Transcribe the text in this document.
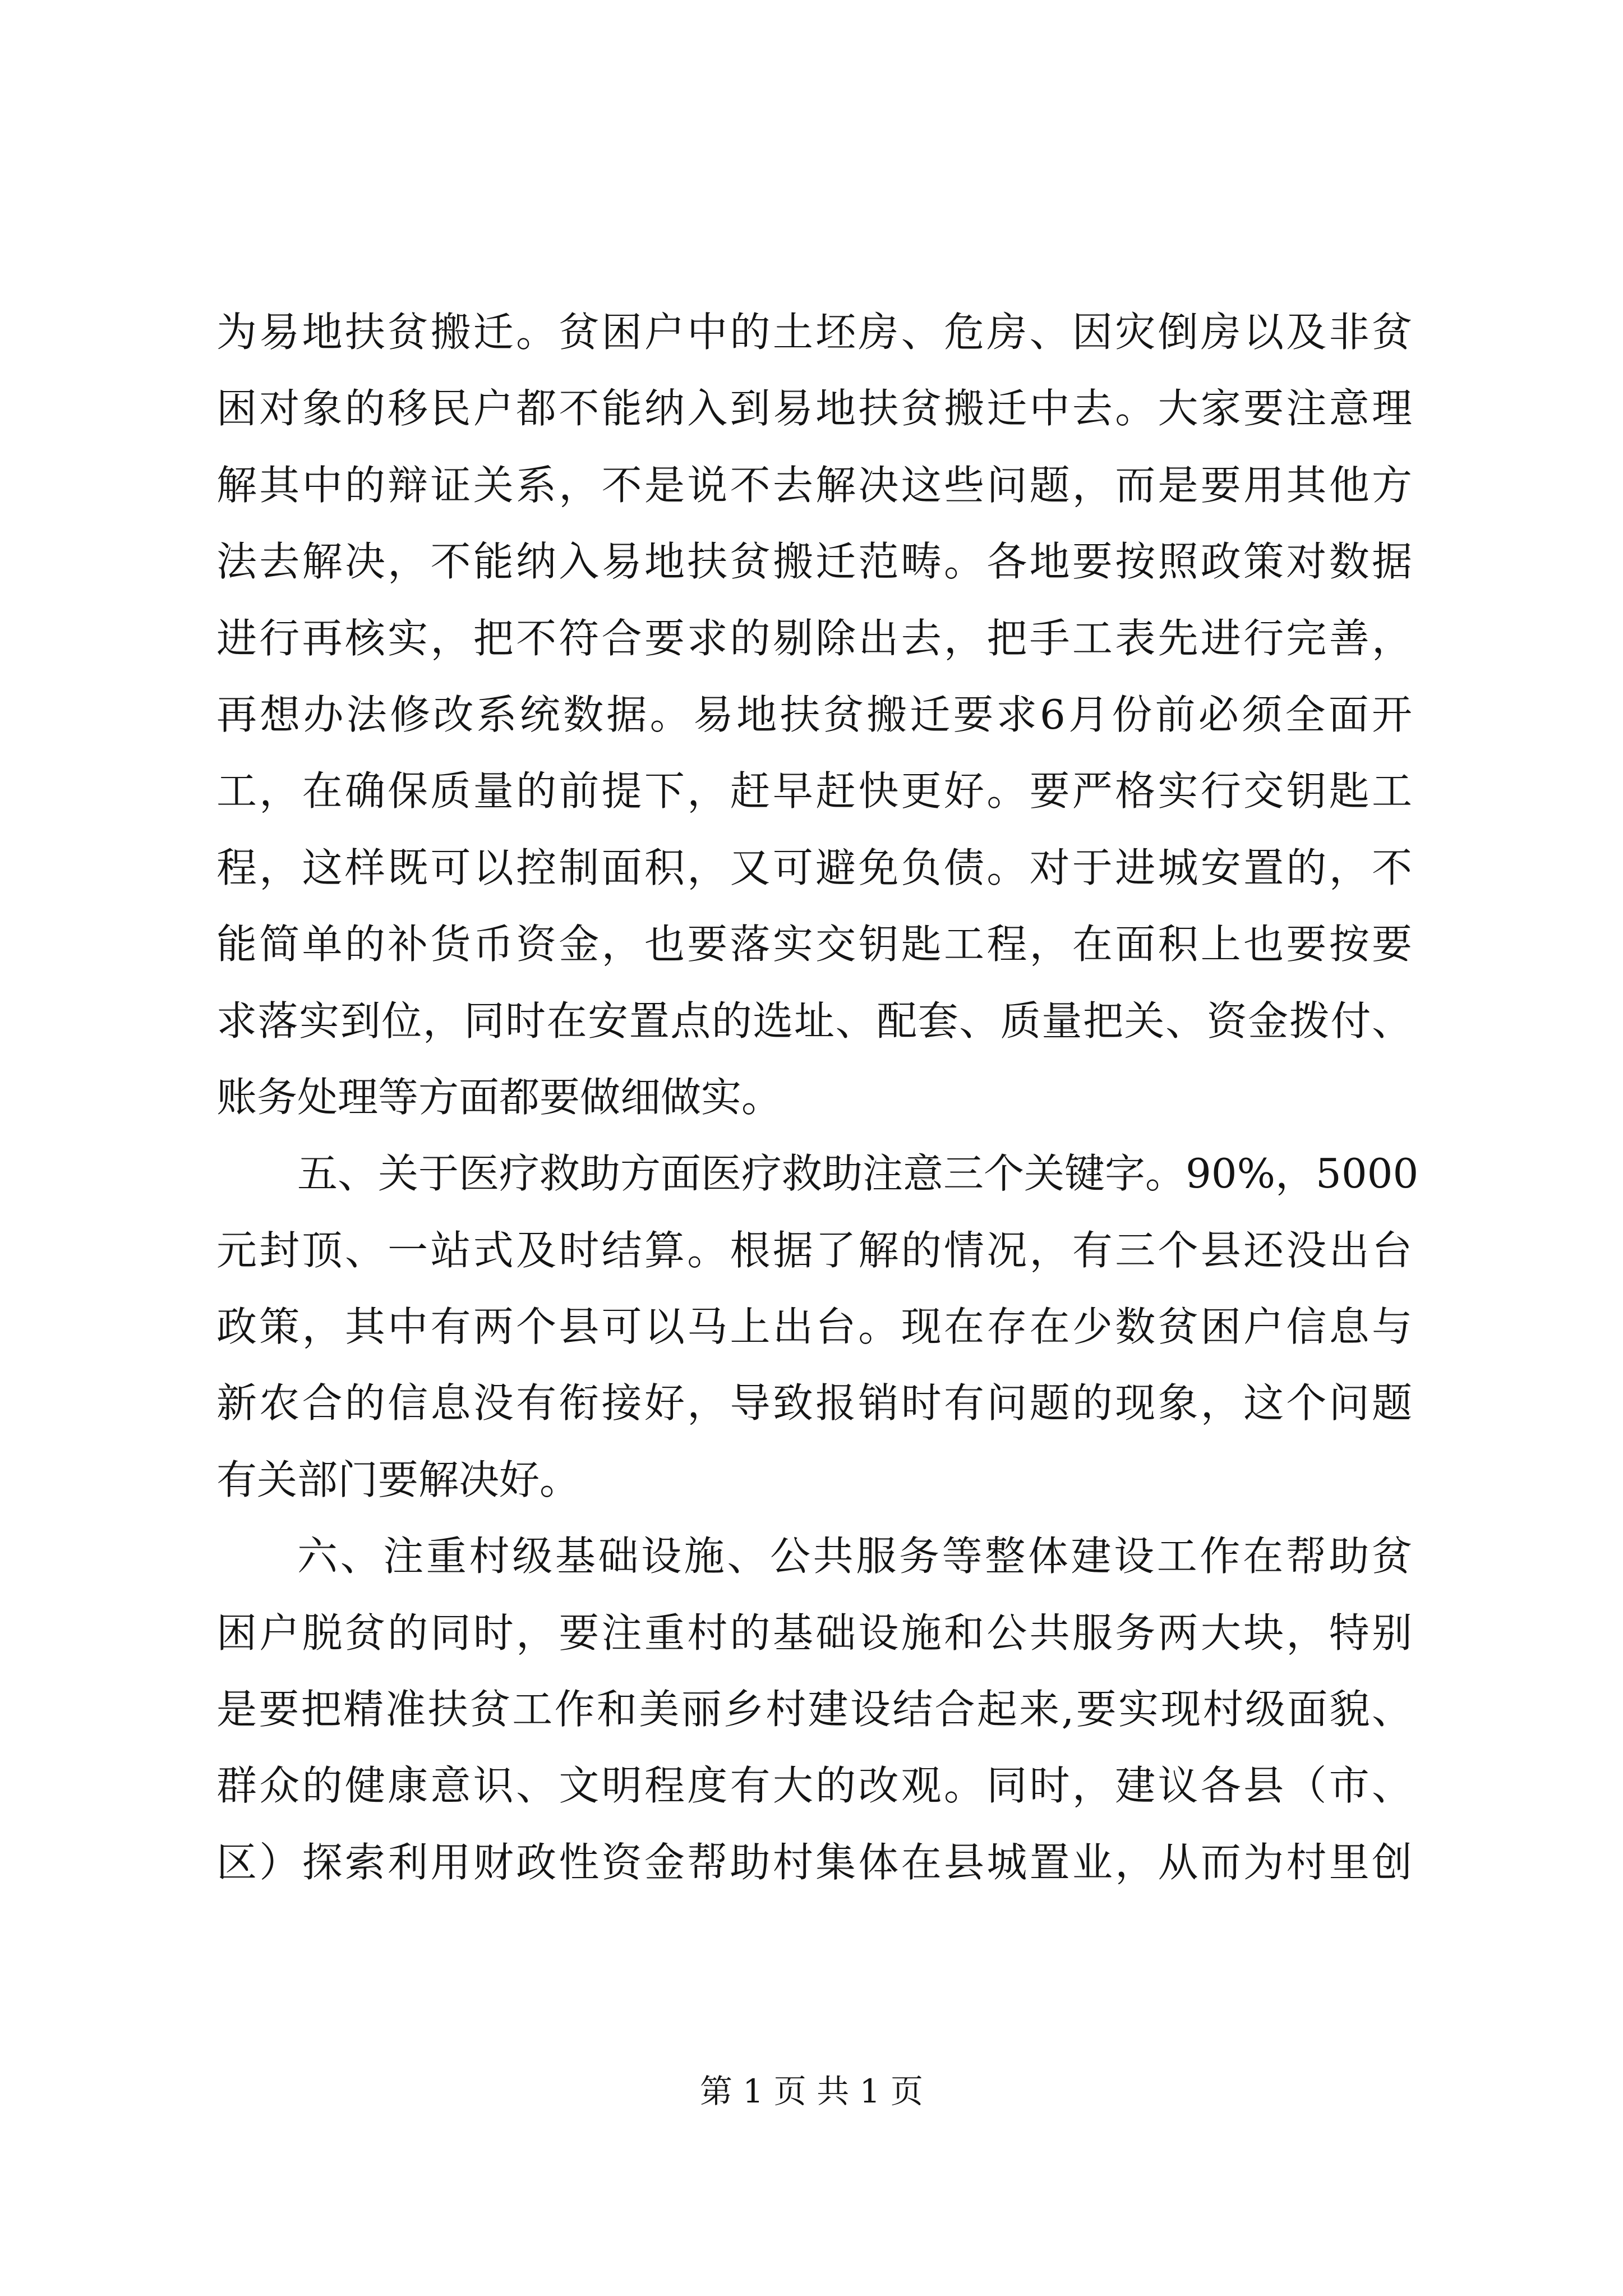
为易地扶贫搬迁。贫困户中的土坯房、危房、因灾倒房以及非贫
困对象的移民户都不能纳入到易地扶贫搬迁中去。大家要注意理
解其中的辩证关系，不是说不去解决这些问题，而是要用其他方
法去解决，不能纳入易地扶贫搬迁范畴。各地要按照政策对数据
进行再核实，把不符合要求的剔除出去，把手工表先进行完善，
再想办法修改系统数据。易地扶贫搬迁要求6月份前必须全面开
工，在确保质量的前提下，赶早赶快更好。要严格实行交钥匙工
程，这样既可以控制面积，又可避免负债。对于进城安置的，不
能简单的补货币资金，也要落实交钥匙工程，在面积上也要按要
求落实到位，同时在安置点的选址、配套、质量把关、资金拨付、
账务处理等方面都要做细做实。
五、关于医疗救助方面医疗救助注意三个关键字。90%，5000
元封顶、一站式及时结算。根据了解的情况，有三个县还没出台
政策，其中有两个县可以马上出台。现在存在少数贫困户信息与
新农合的信息没有衔接好，导致报销时有问题的现象，这个问题
有关部门要解决好。
六、注重村级基础设施、公共服务等整体建设工作在帮助贫
困户脱贫的同时，要注重村的基础设施和公共服务两大块，特别
是要把精准扶贫工作和美丽乡村建设结合起来,要实现村级面貌、
群众的健康意识、文明程度有大的改观。同时，建议各县（市、
区）探索利用财政性资金帮助村集体在县城置业，从而为村里创
第 1 页 共 1 页
